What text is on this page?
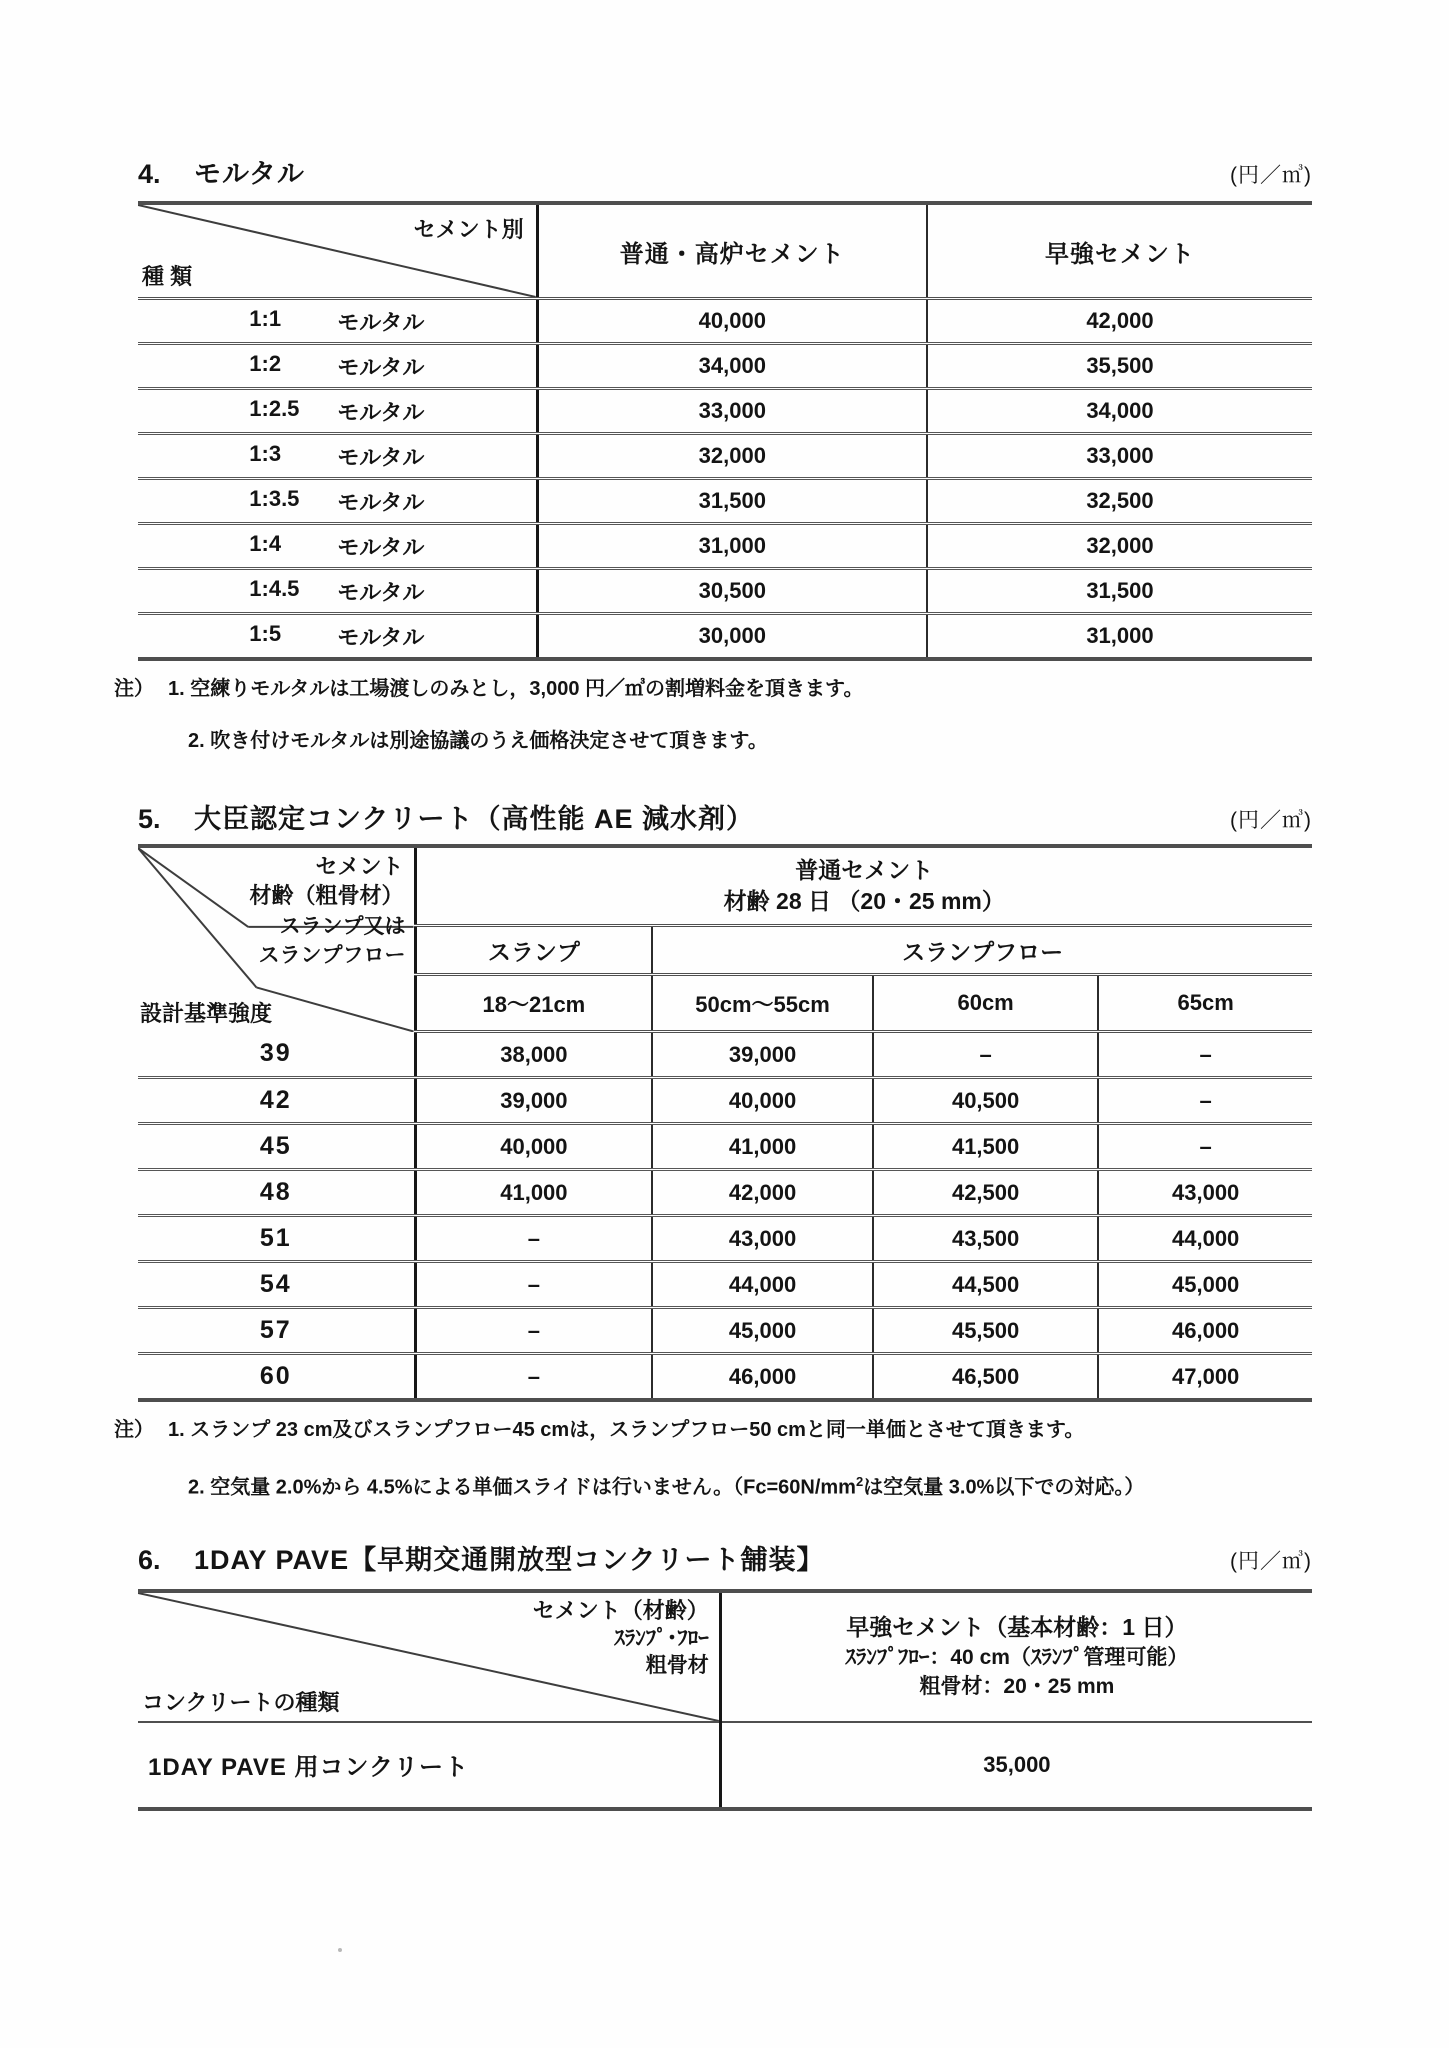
4.	モルタル	(円／㎥)
セメント別
種 類	普通・高炉セメント	早強セメント

1:1 モルタル	40,000	42,000

1:2 モルタル	34,000	35,500

1:2.5 モルタル	33,000	34,000

1:3 モルタル	32,000	33,000

1:3.5 モルタル	31,500	32,500

1:4 モルタル	31,000	32,000

1:4.5 モルタル	30,500	31,500

1:5 モルタル	30,000	31,000
注） 1. 空練りモルタルは工場渡しのみとし，3,000 円／㎥の割増料金を頂きます。
2. 吹き付けモルタルは別途協議のうえ価格決定させて頂きます。
5.	大臣認定コンクリート（高性能 AE 減水剤）	(円／㎥)
セメント
材齢（粗骨材）
スランプ又は
スランプフロー
設計基準強度	普通セメント
材齢 28 日 （20・25 mm）			
	スランプ	スランプフロー		
	18～21cm	50cm～55cm	60cm	65cm
39	38,000	39,000	–	–
42	39,000	40,000	40,500	–
45	40,000	41,000	41,500	–
48	41,000	42,000	42,500	43,000
51	–	43,000	43,500	44,000
54	–	44,000	44,500	45,000
57	–	45,000	45,500	46,000
60	–	46,000	46,500	47,000
注） 1. スランプ 23 cm及びスランプフロー45 cmは，スランプフロー50 cmと同一単価とさせて頂きます。
2. 空気量 2.0%から 4.5%による単価スライドは行いません。（$Fc=60N/mm^2$は空気量 3.0%以下での対応。）
6.	1DAY PAVE【早期交通開放型コンクリート舗装】	(円／㎥)
セメント（材齢）
ｽﾗﾝﾌﾟ･ﾌﾛｰ
粗骨材
コンクリートの種類	早強セメント（基本材齢：1 日）
ｽﾗﾝﾌﾟﾌﾛｰ：40 cm（ｽﾗﾝﾌﾟ管理可能）
粗骨材：20・25 mm

1DAY PAVE 用コンクリート	35,000
